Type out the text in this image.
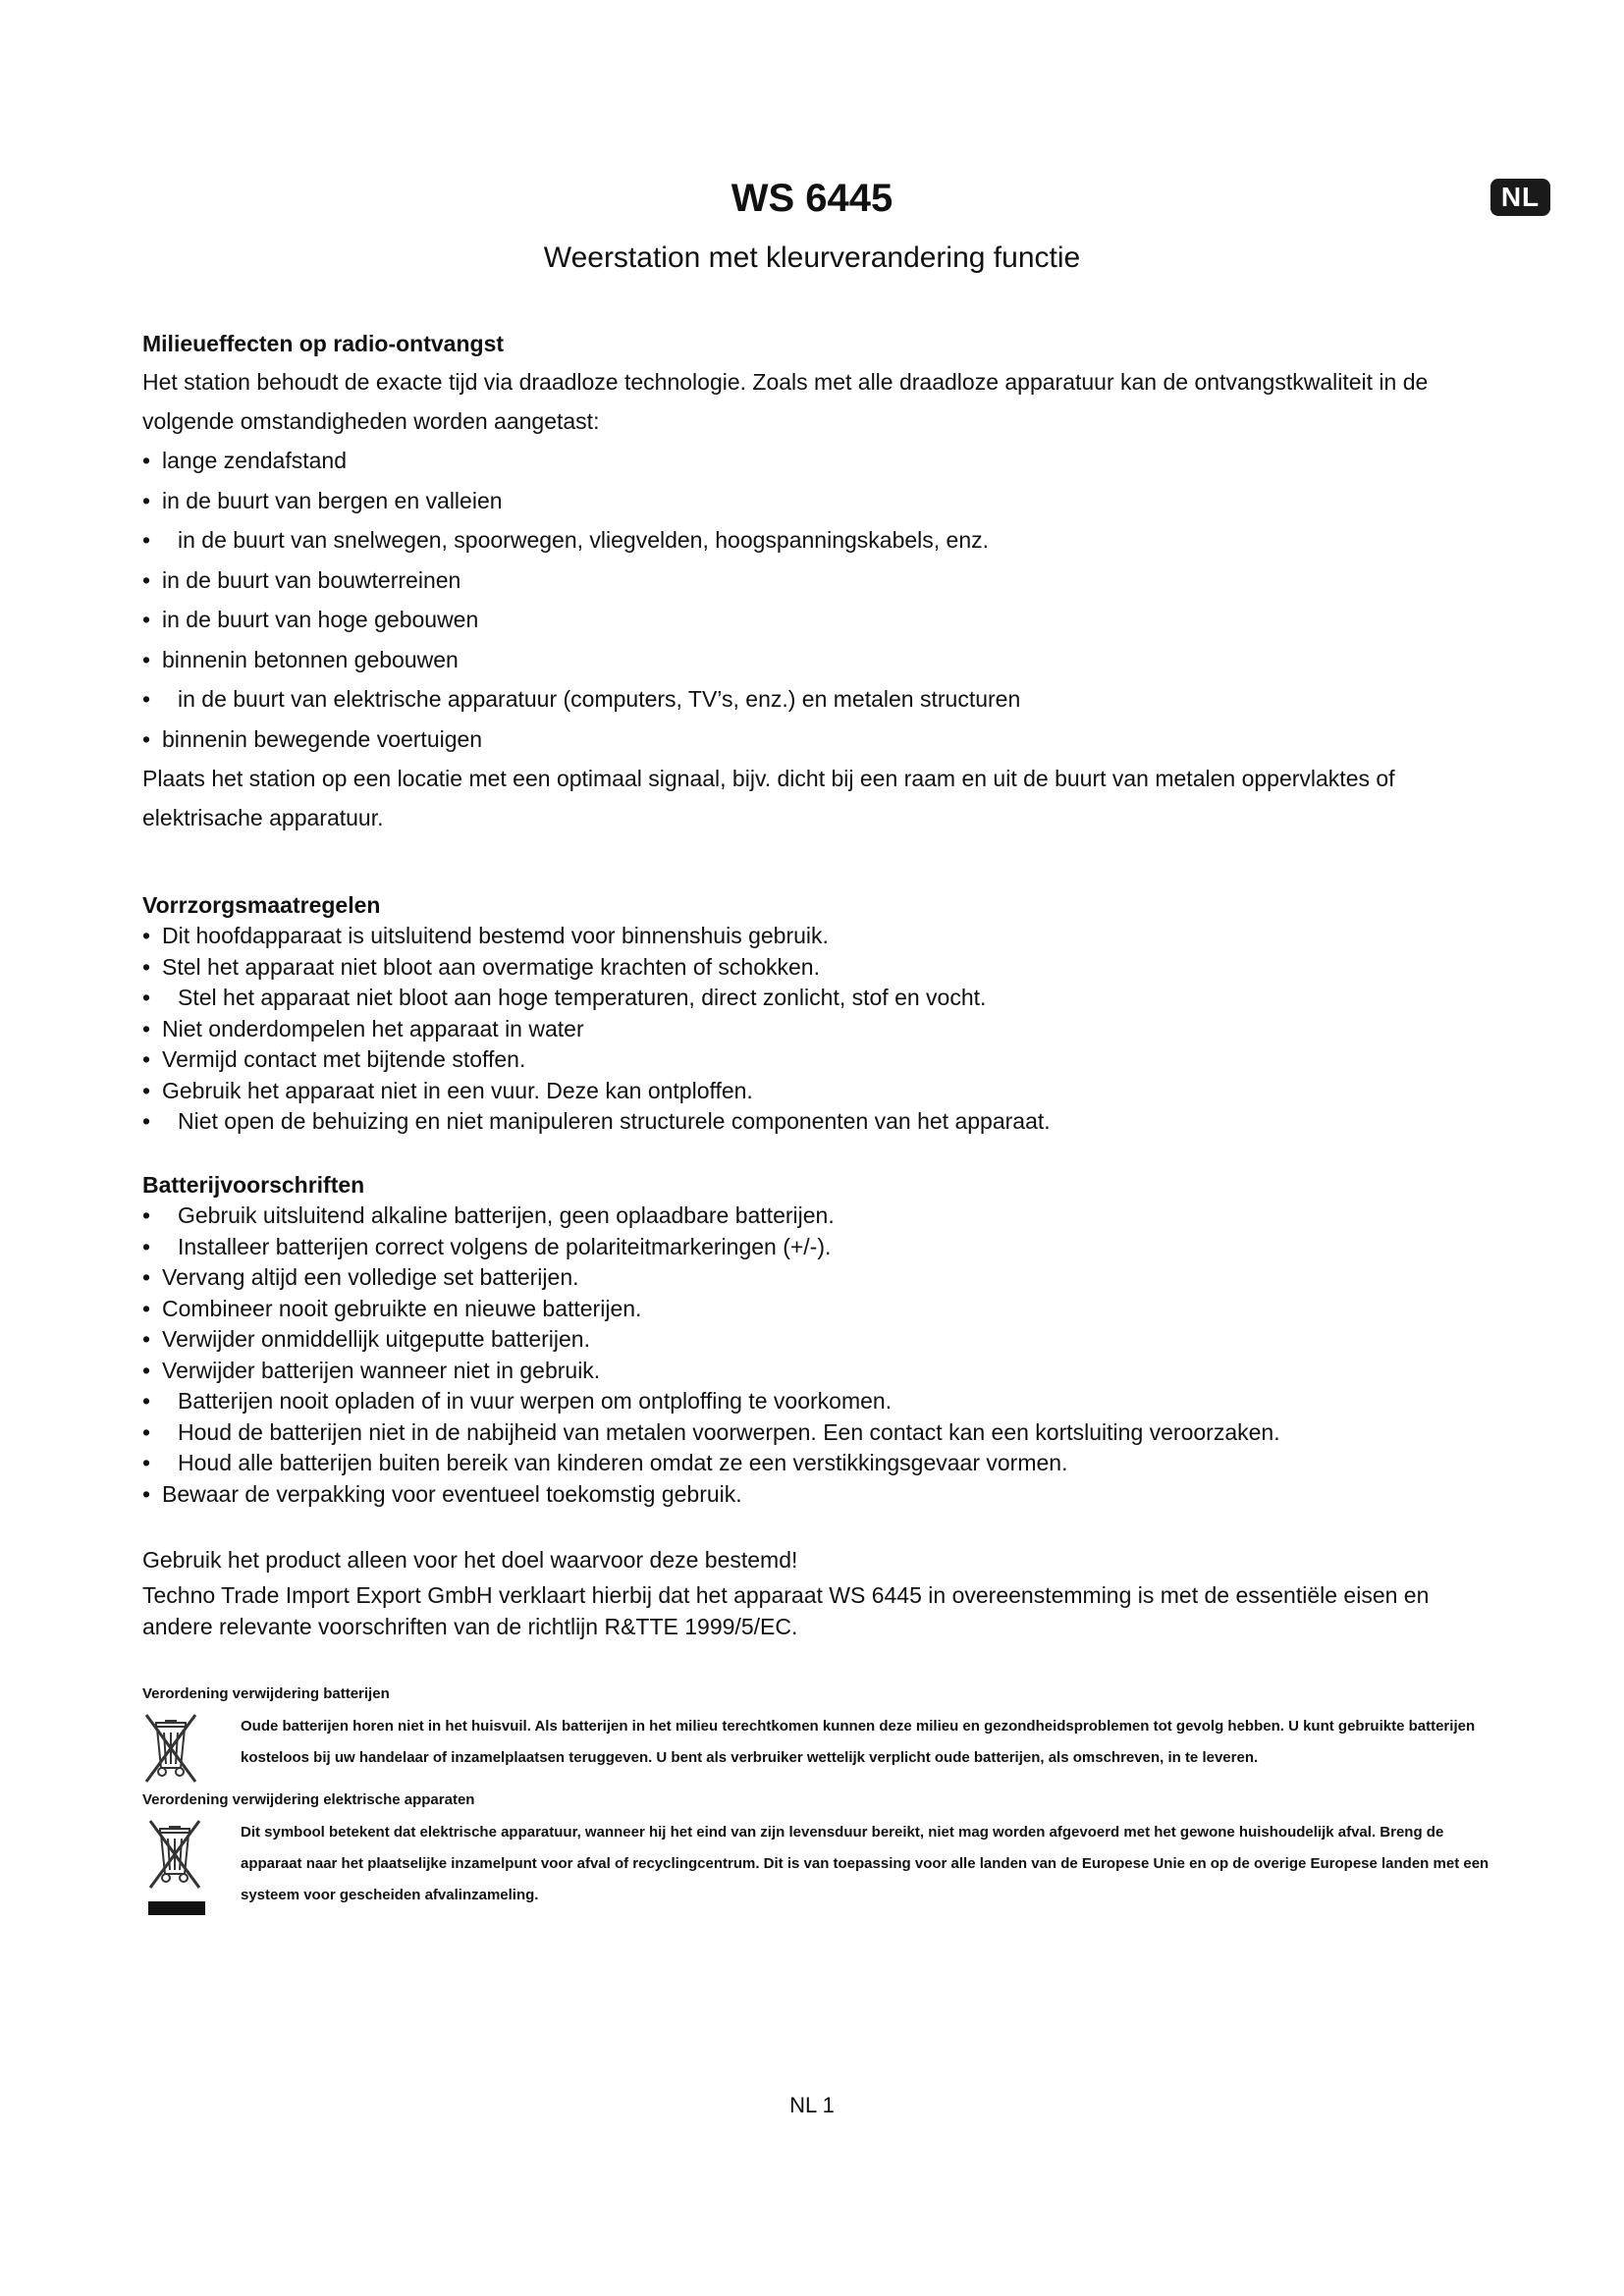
WS 6445	NL
Weerstation met kleurverandering functie
Milieueffecten op radio-ontvangst
Het station behoudt de exacte tijd via draadloze technologie. Zoals met alle draadloze apparatuur kan de ontvangstkwaliteit in de volgende omstandigheden worden aangetast:
• lange zendafstand
• in de buurt van bergen en valleien
• in de buurt van snelwegen, spoorwegen, vliegvelden, hoogspanningskabels, enz.
• in de buurt van bouwterreinen
• in de buurt van hoge gebouwen
• binnenin betonnen gebouwen
• in de buurt van elektrische apparatuur (computers, TV’s, enz.) en metalen structuren
• binnenin bewegende voertuigen
Plaats het station op een locatie met een optimaal signaal, bijv. dicht bij een raam en uit de buurt van metalen oppervlaktes of elektrisache apparatuur.
Vorrzorgsmaatregelen
• Dit hoofdapparaat is uitsluitend bestemd voor binnenshuis gebruik.
• Stel het apparaat niet bloot aan overmatige krachten of schokken.
• Stel het apparaat niet bloot aan hoge temperaturen, direct zonlicht, stof en vocht.
• Niet onderdompelen het apparaat in water
• Vermijd contact met bijtende stoffen.
• Gebruik het apparaat niet in een vuur. Deze kan ontploffen.
• Niet open de behuizing en niet manipuleren structurele componenten van het apparaat.
Batterijvoorschriften
• Gebruik uitsluitend alkaline batterijen, geen oplaadbare batterijen.
• Installeer batterijen correct volgens de polariteitmarkeringen (+/-).
• Vervang altijd een volledige set batterijen.
• Combineer nooit gebruikte en nieuwe batterijen.
• Verwijder onmiddellijk uitgeputte batterijen.
• Verwijder batterijen wanneer niet in gebruik.
• Batterijen nooit opladen of in vuur werpen om ontploffing te voorkomen.
• Houd de batterijen niet in de nabijheid van metalen voorwerpen. Een contact kan een kortsluiting veroorzaken.
• Houd alle batterijen buiten bereik van kinderen omdat ze een verstikkingsgevaar vormen.
• Bewaar de verpakking voor eventueel toekomstig gebruik.
Gebruik het product alleen voor het doel waarvoor deze bestemd!
Techno Trade Import Export GmbH verklaart hierbij dat het apparaat WS 6445 in overeenstemming is met de essentiële eisen en andere relevante voorschriften van de richtlijn R&TTE 1999/5/EC.
Verordening verwijdering batterijen
Oude batterijen horen niet in het huisvuil. Als batterijen in het milieu terechtkomen kunnen deze milieu en gezondheidsproblemen tot gevolg hebben. U kunt gebruikte batterijen kosteloos bij uw handelaar of inzamelplaatsen teruggeven. U bent als verbruiker wettelijk verplicht oude batterijen, als omschreven, in te leveren.
Verordening verwijdering elektrische apparaten
Dit symbool betekent dat elektrische apparatuur, wanneer hij het eind van zijn levensduur bereikt, niet mag worden afgevoerd met het gewone huishoudelijk afval. Breng de apparaat naar het plaatselijke inzamelpunt voor afval of recyclingcentrum. Dit is van toepassing voor alle landen van de Europese Unie en op de overige Europese landen met een systeem voor gescheiden afvalinzameling.
NL 1
